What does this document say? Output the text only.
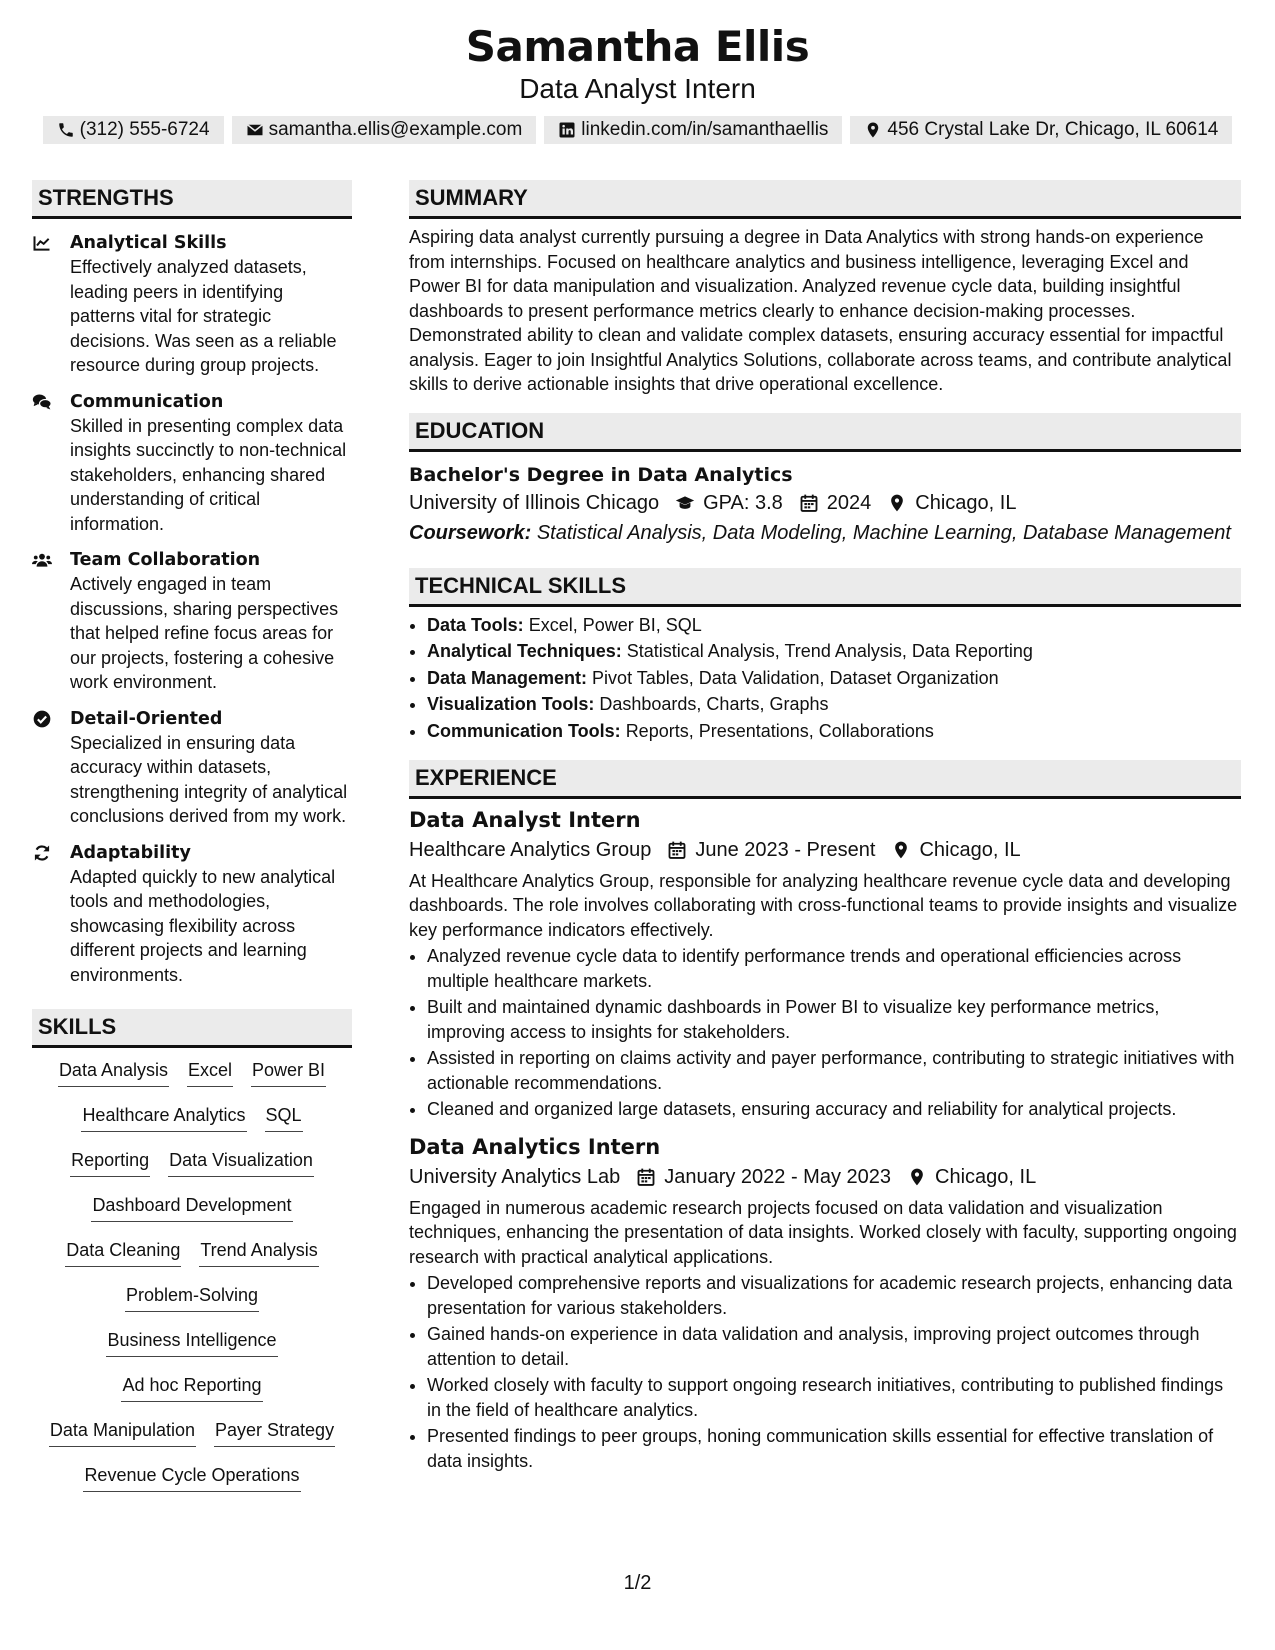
Samantha Ellis
Data Analyst Intern
(312) 555-6724	samantha.ellis@example.com	linkedin.com/in/samanthaellis	456 Crystal Lake Dr, Chicago, IL 60614
STRENGTHS
Analytical Skills
Effectively analyzed datasets, leading peers in identifying patterns vital for strategic decisions. Was seen as a reliable resource during group projects.
Communication
Skilled in presenting complex data insights succinctly to non-technical stakeholders, enhancing shared understanding of critical information.
Team Collaboration
Actively engaged in team discussions, sharing perspectives that helped refine focus areas for our projects, fostering a cohesive work environment.
Detail-Oriented
Specialized in ensuring data accuracy within datasets, strengthening integrity of analytical conclusions derived from my work.
Adaptability
Adapted quickly to new analytical tools and methodologies, showcasing flexibility across different projects and learning environments.
SKILLS
Data Analysis Excel Power BI
Healthcare Analytics SQL
Reporting Data Visualization
Dashboard Development
Data Cleaning Trend Analysis
Problem-Solving
Business Intelligence
Ad hoc Reporting
Data Manipulation Payer Strategy
Revenue Cycle Operations
SUMMARY
Aspiring data analyst currently pursuing a degree in Data Analytics with strong hands-on experience from internships. Focused on healthcare analytics and business intelligence, leveraging Excel and Power BI for data manipulation and visualization. Analyzed revenue cycle data, building insightful dashboards to present performance metrics clearly to enhance decision-making processes. Demonstrated ability to clean and validate complex datasets, ensuring accuracy essential for impactful analysis. Eager to join Insightful Analytics Solutions, collaborate across teams, and contribute analytical skills to derive actionable insights that drive operational excellence.
EDUCATION
Bachelor's Degree in Data Analytics
University of Illinois Chicago GPA: 3.8 2024 Chicago, IL
Coursework: Statistical Analysis, Data Modeling, Machine Learning, Database Management
TECHNICAL SKILLS
• Data Tools: Excel, Power BI, SQL
• Analytical Techniques: Statistical Analysis, Trend Analysis, Data Reporting
• Data Management: Pivot Tables, Data Validation, Dataset Organization
• Visualization Tools: Dashboards, Charts, Graphs
• Communication Tools: Reports, Presentations, Collaborations
EXPERIENCE
Data Analyst Intern
Healthcare Analytics Group June 2023 - Present Chicago, IL
At Healthcare Analytics Group, responsible for analyzing healthcare revenue cycle data and developing dashboards. The role involves collaborating with cross-functional teams to provide insights and visualize key performance indicators effectively.
• Analyzed revenue cycle data to identify performance trends and operational efficiencies across multiple healthcare markets.
• Built and maintained dynamic dashboards in Power BI to visualize key performance metrics, improving access to insights for stakeholders.
• Assisted in reporting on claims activity and payer performance, contributing to strategic initiatives with actionable recommendations.
• Cleaned and organized large datasets, ensuring accuracy and reliability for analytical projects.
Data Analytics Intern
University Analytics Lab January 2022 - May 2023 Chicago, IL
Engaged in numerous academic research projects focused on data validation and visualization techniques, enhancing the presentation of data insights. Worked closely with faculty, supporting ongoing research with practical analytical applications.
• Developed comprehensive reports and visualizations for academic research projects, enhancing data presentation for various stakeholders.
• Gained hands-on experience in data validation and analysis, improving project outcomes through attention to detail.
• Worked closely with faculty to support ongoing research initiatives, contributing to published findings in the field of healthcare analytics.
• Presented findings to peer groups, honing communication skills essential for effective translation of data insights.
1/2
